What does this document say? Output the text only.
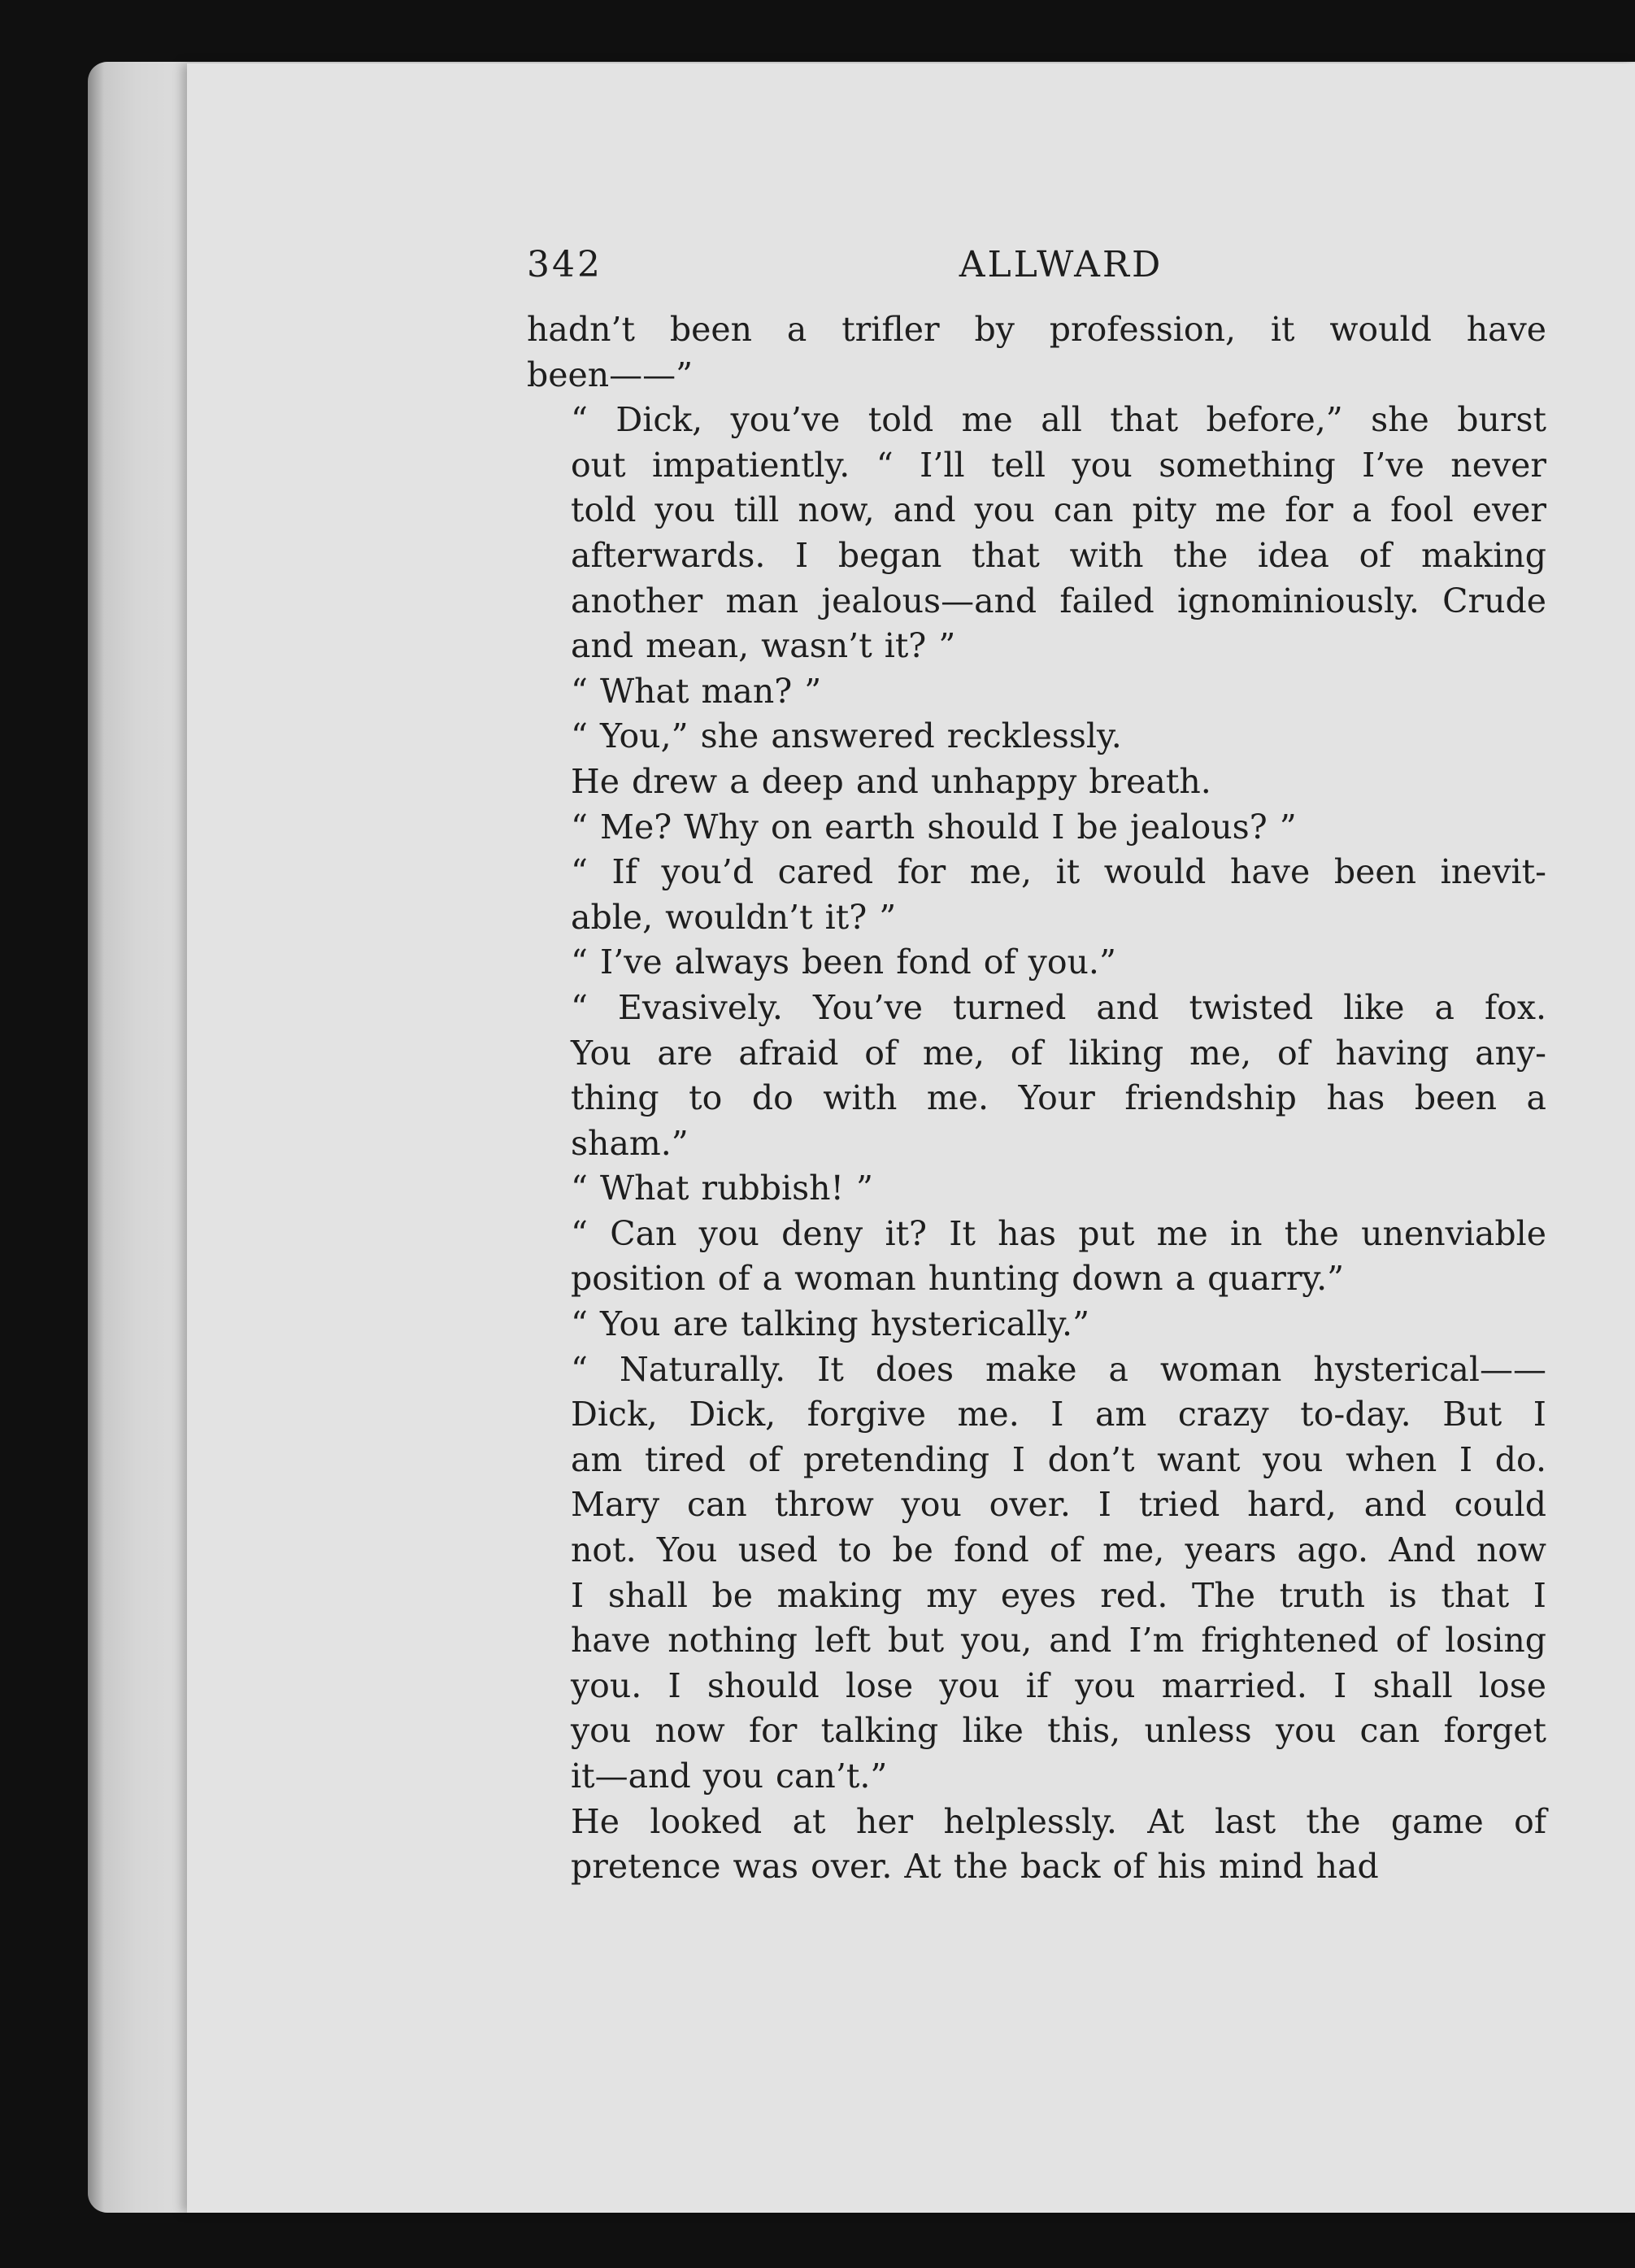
342	ALLWARD

hadn’t been a trifler by profession, it would have
been——”

“ Dick, you’ve told me all that before,” she burst
out impatiently. “ I’ll tell you something I’ve never
told you till now, and you can pity me for a fool ever
afterwards. I began that with the idea of making
another man jealous—and failed ignominiously. Crude
and mean, wasn’t it? ”

“ What man? ”

“ You,” she answered recklessly.

He drew a deep and unhappy breath.

“ Me? Why on earth should I be jealous? ”

“ If you’d cared for me, it would have been inevit-
able, wouldn’t it? ”

“ I’ve always been fond of you.”

“ Evasively. You’ve turned and twisted like a fox.
You are afraid of me, of liking me, of having any-
thing to do with me. Your friendship has been a
sham.”

“ What rubbish! ”

“ Can you deny it? It has put me in the unenviable
position of a woman hunting down a quarry.”

“ You are talking hysterically.”

“ Naturally. It does make a woman hysterical——
Dick, Dick, forgive me. I am crazy to-day. But I
am tired of pretending I don’t want you when I do.
Mary can throw you over. I tried hard, and could
not. You used to be fond of me, years ago. And now
I shall be making my eyes red. The truth is that I
have nothing left but you, and I’m frightened of losing
you. I should lose you if you married. I shall lose
you now for talking like this, unless you can forget
it—and you can’t.”

He looked at her helplessly. At last the game of
pretence was over. At the back of his mind had
